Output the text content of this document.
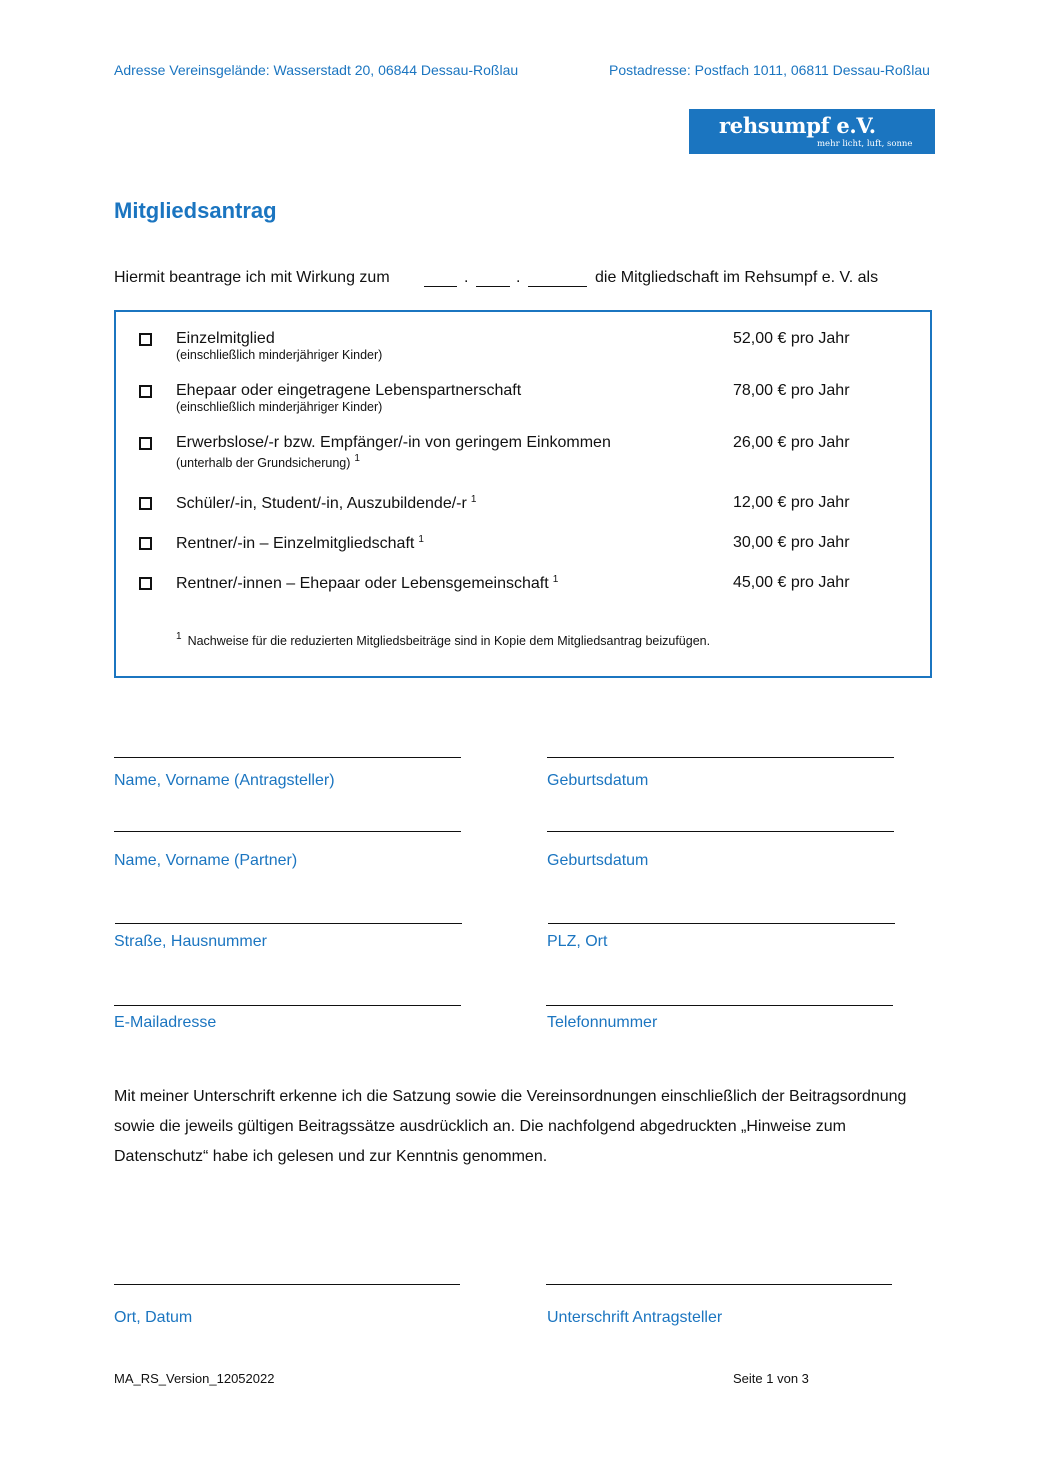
Adresse Vereinsgelände: Wasserstadt 20, 06844 Dessau-Roßlau	Postadresse: Postfach 1011, 06811 Dessau-Roßlau
rehsumpf e.V.
mehr licht, luft, sonne
Mitgliedsantrag
Hiermit beantrage ich mit Wirkung zum	.	.	die Mitgliedschaft im Rehsumpf e. V. als
Einzelmitglied
(einschließlich minderjähriger Kinder)
52,00 € pro Jahr
Ehepaar oder eingetragene Lebenspartnerschaft
(einschließlich minderjähriger Kinder)
78,00 € pro Jahr
Erwerbslose/-r bzw. Empfänger/-in von geringem Einkommen
(unterhalb der Grundsicherung) $^1$
26,00 € pro Jahr
Schüler/-in, Student/-in, Auszubildende/-r $^1$	12,00 € pro Jahr
Rentner/-in – Einzelmitgliedschaft $^1$	30,00 € pro Jahr
Rentner/-innen – Ehepaar oder Lebensgemeinschaft $^1$	45,00 € pro Jahr
$^1$ Nachweise für die reduzierten Mitgliedsbeiträge sind in Kopie dem Mitgliedsantrag beizufügen.
Name, Vorname (Antragsteller)	Geburtsdatum
Name, Vorname (Partner)	Geburtsdatum
Straße, Hausnummer	PLZ, Ort
E-Mailadresse	Telefonnummer
Mit meiner Unterschrift erkenne ich die Satzung sowie die Vereinsordnungen einschließlich der Beitragsordnung sowie die jeweils gültigen Beitragssätze ausdrücklich an. Die nachfolgend abgedruckten „Hinweise zum Datenschutz“ habe ich gelesen und zur Kenntnis genommen.
Ort, Datum	Unterschrift Antragsteller
MA_RS_Version_12052022	Seite 1 von 3
